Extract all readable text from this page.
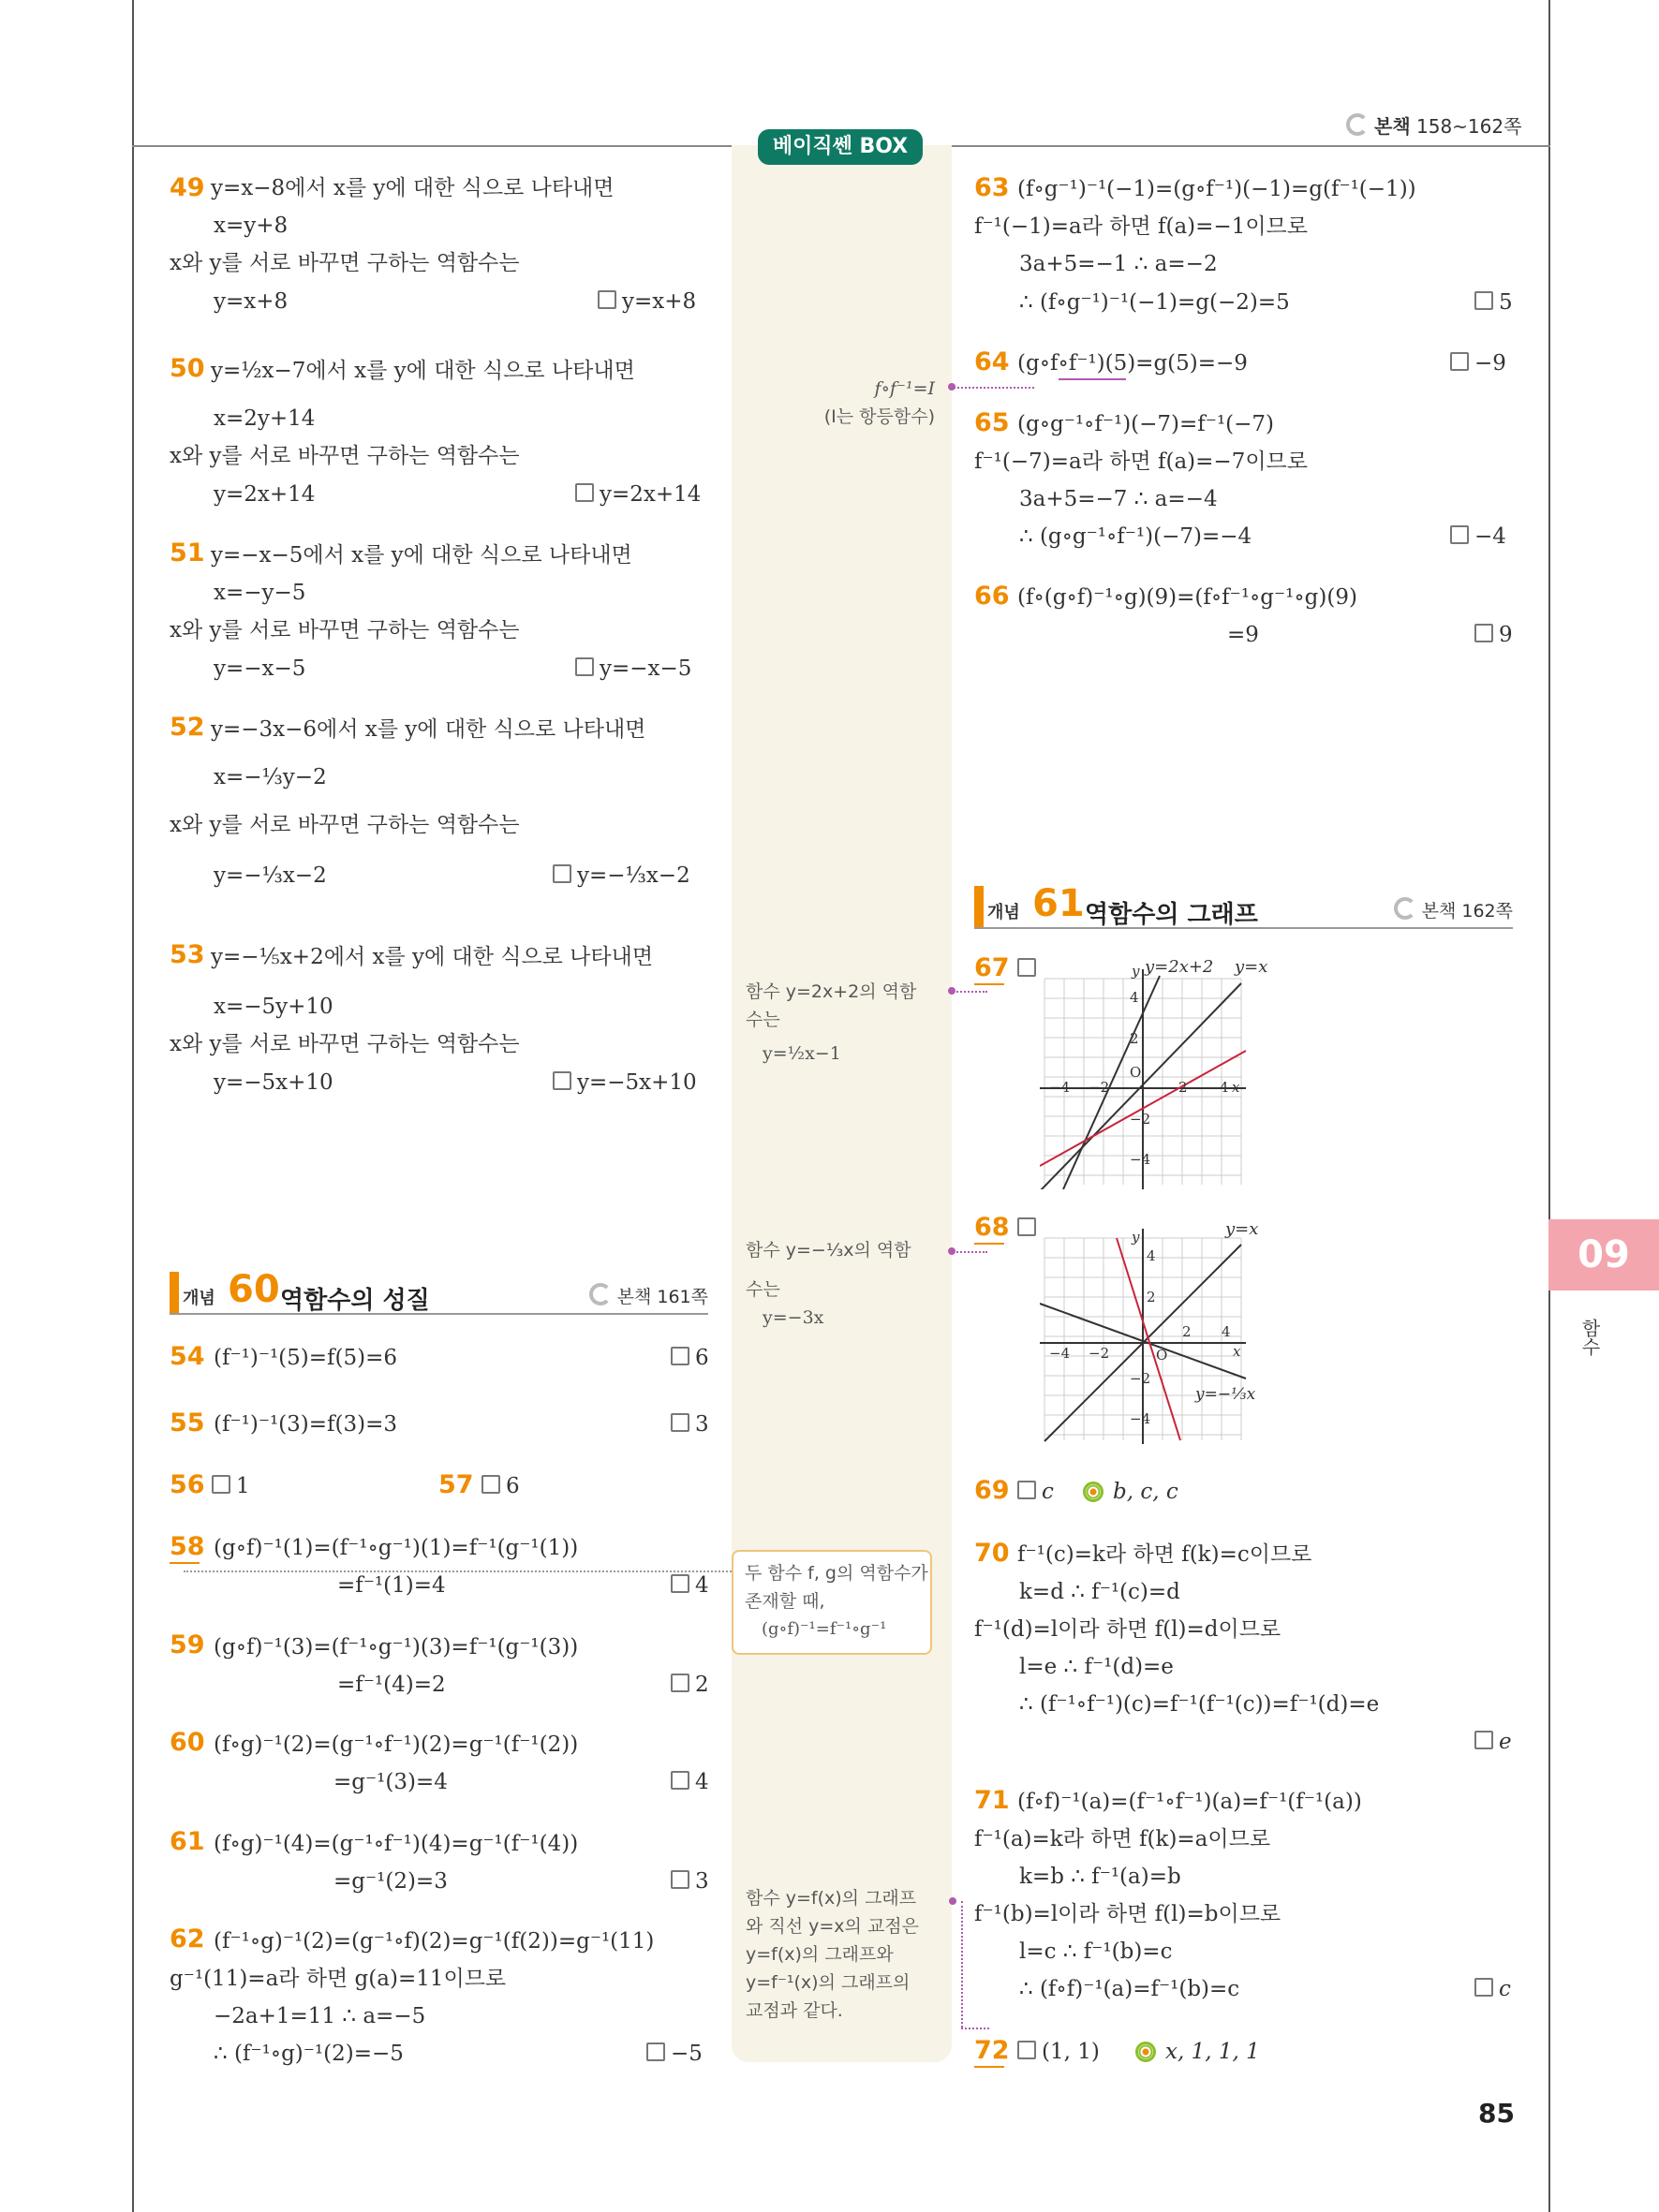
본책 158~162쪽
베이직쎈 BOX
09
함수
85
49 y=x−8에서 x를 y에 대한 식으로 나타내면
x=y+8
x와 y를 서로 바꾸면 구하는 역함수는
y=x+8	y=x+8
50 y=½x−7에서 x를 y에 대한 식으로 나타내면
x=2y+14
x와 y를 서로 바꾸면 구하는 역함수는
y=2x+14	y=2x+14
51 y=−x−5에서 x를 y에 대한 식으로 나타내면
x=−y−5
x와 y를 서로 바꾸면 구하는 역함수는
y=−x−5	y=−x−5
52 y=−3x−6에서 x를 y에 대한 식으로 나타내면
x=−⅓y−2
x와 y를 서로 바꾸면 구하는 역함수는
y=−⅓x−2	y=−⅓x−2
53 y=−⅕x+2에서 x를 y에 대한 식으로 나타내면
x=−5y+10
x와 y를 서로 바꾸면 구하는 역함수는
y=−5x+10	y=−5x+10
개념 60 역함수의 성질	본책 161쪽
54 (f⁻¹)⁻¹(5)=f(5)=6	6
55 (f⁻¹)⁻¹(3)=f(3)=3	3
56	1	57	6
58 (g∘f)⁻¹(1)=(f⁻¹∘g⁻¹)(1)=f⁻¹(g⁻¹(1))
=f⁻¹(1)=4	4
59 (g∘f)⁻¹(3)=(f⁻¹∘g⁻¹)(3)=f⁻¹(g⁻¹(3))
=f⁻¹(4)=2	2
60 (f∘g)⁻¹(2)=(g⁻¹∘f⁻¹)(2)=g⁻¹(f⁻¹(2))
=g⁻¹(3)=4	4
61 (f∘g)⁻¹(4)=(g⁻¹∘f⁻¹)(4)=g⁻¹(f⁻¹(4))
=g⁻¹(2)=3	3
62 (f⁻¹∘g)⁻¹(2)=(g⁻¹∘f)(2)=g⁻¹(f(2))=g⁻¹(11)
g⁻¹(11)=a라 하면 g(a)=11이므로
−2a+1=11 ∴ a=−5
∴ (f⁻¹∘g)⁻¹(2)=−5	−5
f∘f⁻¹=I
(I는 항등함수)
함수 y=2x+2의 역함
수는
y=½x−1
함수 y=−⅓x의 역함
수는
y=−3x
두 함수 f, g의 역함수가
존재할 때,
(g∘f)⁻¹=f⁻¹∘g⁻¹
함수 y=f(x)의 그래프
와 직선 y=x의 교점은
y=f(x)의 그래프와
y=f⁻¹(x)의 그래프의
교점과 같다.
63 (f∘g⁻¹)⁻¹(−1)=(g∘f⁻¹)(−1)=g(f⁻¹(−1))
f⁻¹(−1)=a라 하면 f(a)=−1이므로
3a+5=−1 ∴ a=−2
∴ (f∘g⁻¹)⁻¹(−1)=g(−2)=5	5
64 (g∘f∘f⁻¹)(5)=g(5)=−9	−9
65 (g∘g⁻¹∘f⁻¹)(−7)=f⁻¹(−7)
f⁻¹(−7)=a라 하면 f(a)=−7이므로
3a+5=−7 ∴ a=−4
∴ (g∘g⁻¹∘f⁻¹)(−7)=−4	−4
66 (f∘(g∘f)⁻¹∘g)(9)=(f∘f⁻¹∘g⁻¹∘g)(9)
=9	9
개념 61 역함수의 그래프	본책 162쪽
67	y=2x+2 y=x
y
4
2
O
−4 −2	2 4 x
−2
−4
68	y=x
y=−⅓x
y
4
2
2 4
x
−4 −2	O
−2
−4
69	c	b, c, c
70 f⁻¹(c)=k라 하면 f(k)=c이므로
k=d ∴ f⁻¹(c)=d
f⁻¹(d)=l이라 하면 f(l)=d이므로
l=e ∴ f⁻¹(d)=e
∴ (f⁻¹∘f⁻¹)(c)=f⁻¹(f⁻¹(c))=f⁻¹(d)=e
e
71 (f∘f)⁻¹(a)=(f⁻¹∘f⁻¹)(a)=f⁻¹(f⁻¹(a))
f⁻¹(a)=k라 하면 f(k)=a이므로
k=b ∴ f⁻¹(a)=b
f⁻¹(b)=l이라 하면 f(l)=b이므로
l=c ∴ f⁻¹(b)=c
∴ (f∘f)⁻¹(a)=f⁻¹(b)=c	c
72	(1, 1)	x, 1, 1, 1
